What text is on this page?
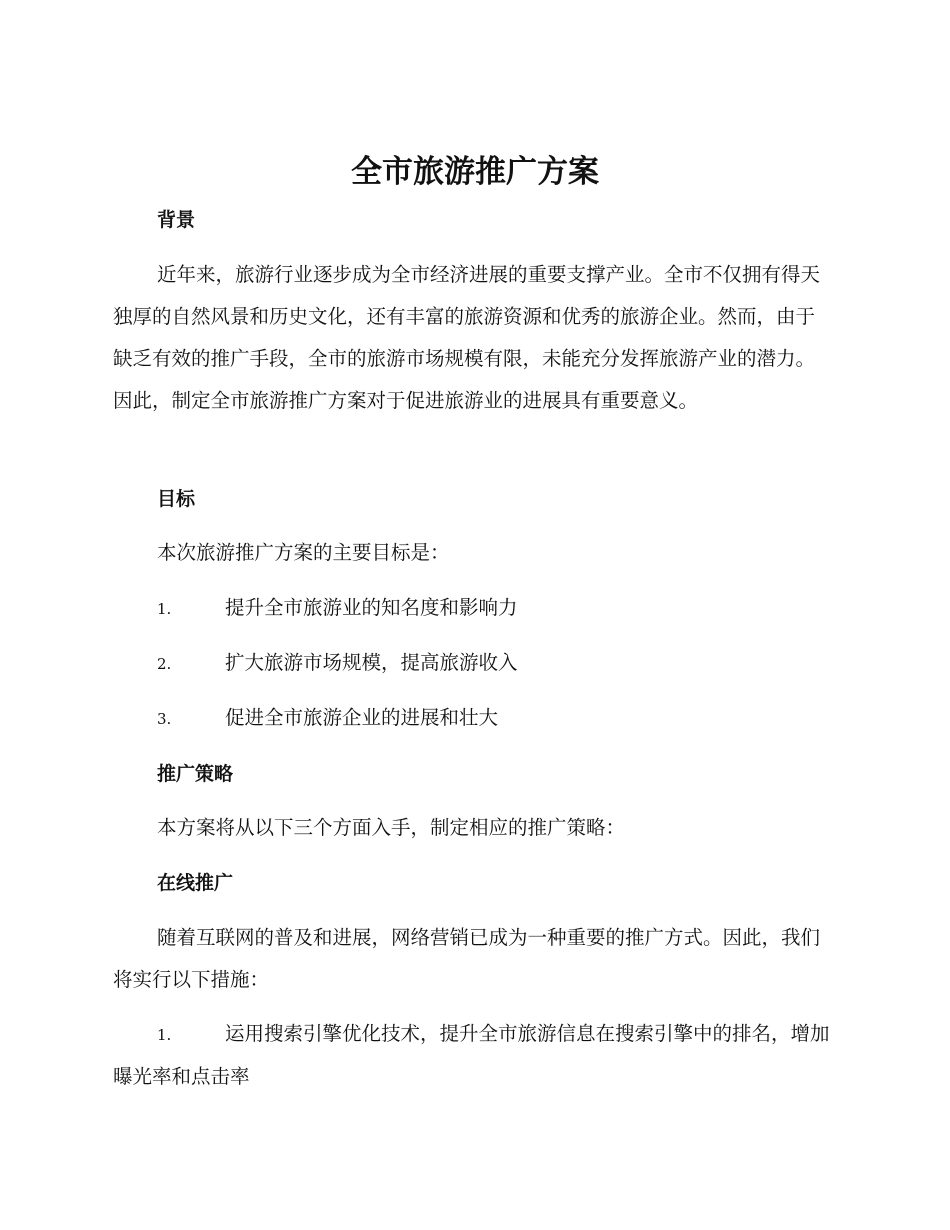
全市旅游推广方案
背景

近年来，旅游行业逐步成为全市经济进展的重要支撑产业。全市不仅拥有得天独厚的自然风景和历史文化，还有丰富的旅游资源和优秀的旅游企业。然而，由于缺乏有效的推广手段，全市的旅游市场规模有限，未能充分发挥旅游产业的潜力。因此，制定全市旅游推广方案对于促进旅游业的进展具有重要意义。

目标

本次旅游推广方案的主要目标是：

1.	提升全市旅游业的知名度和影响力
2.	扩大旅游市场规模，提高旅游收入
3.	促进全市旅游企业的进展和壮大
推广策略

本方案将从以下三个方面入手，制定相应的推广策略：

在线推广

随着互联网的普及和进展，网络营销已成为一种重要的推广方式。因此，我们将实行以下措施：

1.	运用搜索引擎优化技术，提升全市旅游信息在搜索引擎中的排名，增加曝光率和点击率
